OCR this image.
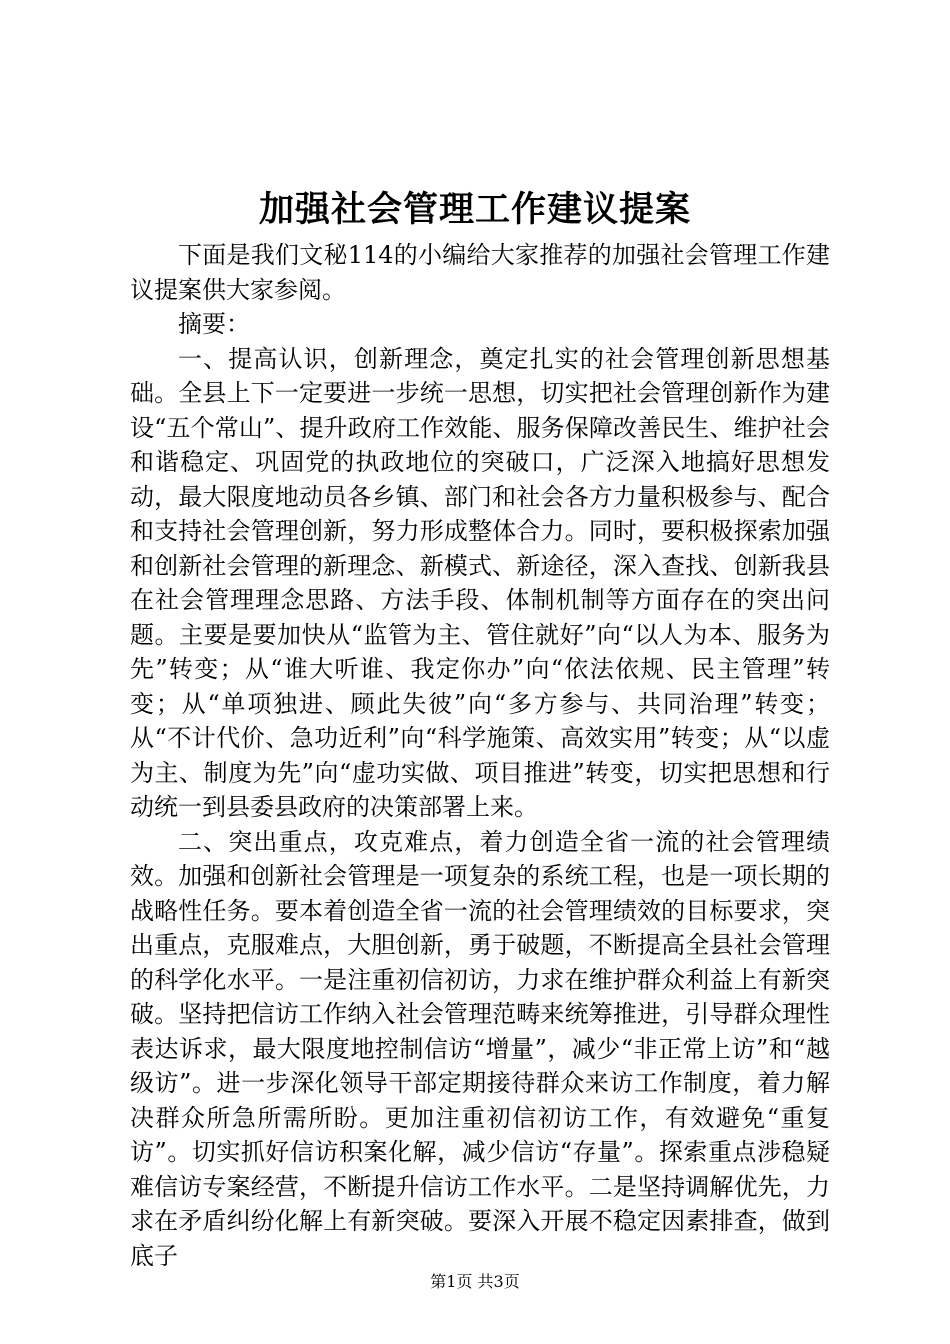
加强社会管理工作建议提案

下面是我们文秘114的小编给大家推荐的加强社会管理工作建议提案供大家参阅。

摘要：

一、提高认识，创新理念，奠定扎实的社会管理创新思想基础。全县上下一定要进一步统一思想，切实把社会管理创新作为建设“五个常山”、提升政府工作效能、服务保障改善民生、维护社会和谐稳定、巩固党的执政地位的突破口，广泛深入地搞好思想发动，最大限度地动员各乡镇、部门和社会各方力量积极参与、配合和支持社会管理创新，努力形成整体合力。同时，要积极探索加强和创新社会管理的新理念、新模式、新途径，深入查找、创新我县在社会管理理念思路、方法手段、体制机制等方面存在的突出问题。主要是要加快从“监管为主、管住就好”向“以人为本、服务为先”转变；从“谁大听谁、我定你办”向“依法依规、民主管理”转变；从“单项独进、顾此失彼”向“多方参与、共同治理”转变；从“不计代价、急功近利”向“科学施策、高效实用”转变；从“以虚为主、制度为先”向“虚功实做、项目推进”转变，切实把思想和行动统一到县委县政府的决策部署上来。

二、突出重点，攻克难点，着力创造全省一流的社会管理绩效。加强和创新社会管理是一项复杂的系统工程，也是一项长期的战略性任务。要本着创造全省一流的社会管理绩效的目标要求，突出重点，克服难点，大胆创新，勇于破题，不断提高全县社会管理的科学化水平。一是注重初信初访，力求在维护群众利益上有新突破。坚持把信访工作纳入社会管理范畴来统筹推进，引导群众理性表达诉求，最大限度地控制信访“增量”，减少“非正常上访”和“越级访”。进一步深化领导干部定期接待群众来访工作制度，着力解决群众所急所需所盼。更加注重初信初访工作，有效避免“重复访”。切实抓好信访积案化解，减少信访“存量”。探索重点涉稳疑难信访专案经营，不断提升信访工作水平。二是坚持调解优先，力求在矛盾纠纷化解上有新突破。要深入开展不稳定因素排查，做到底子

第1页 共3页
